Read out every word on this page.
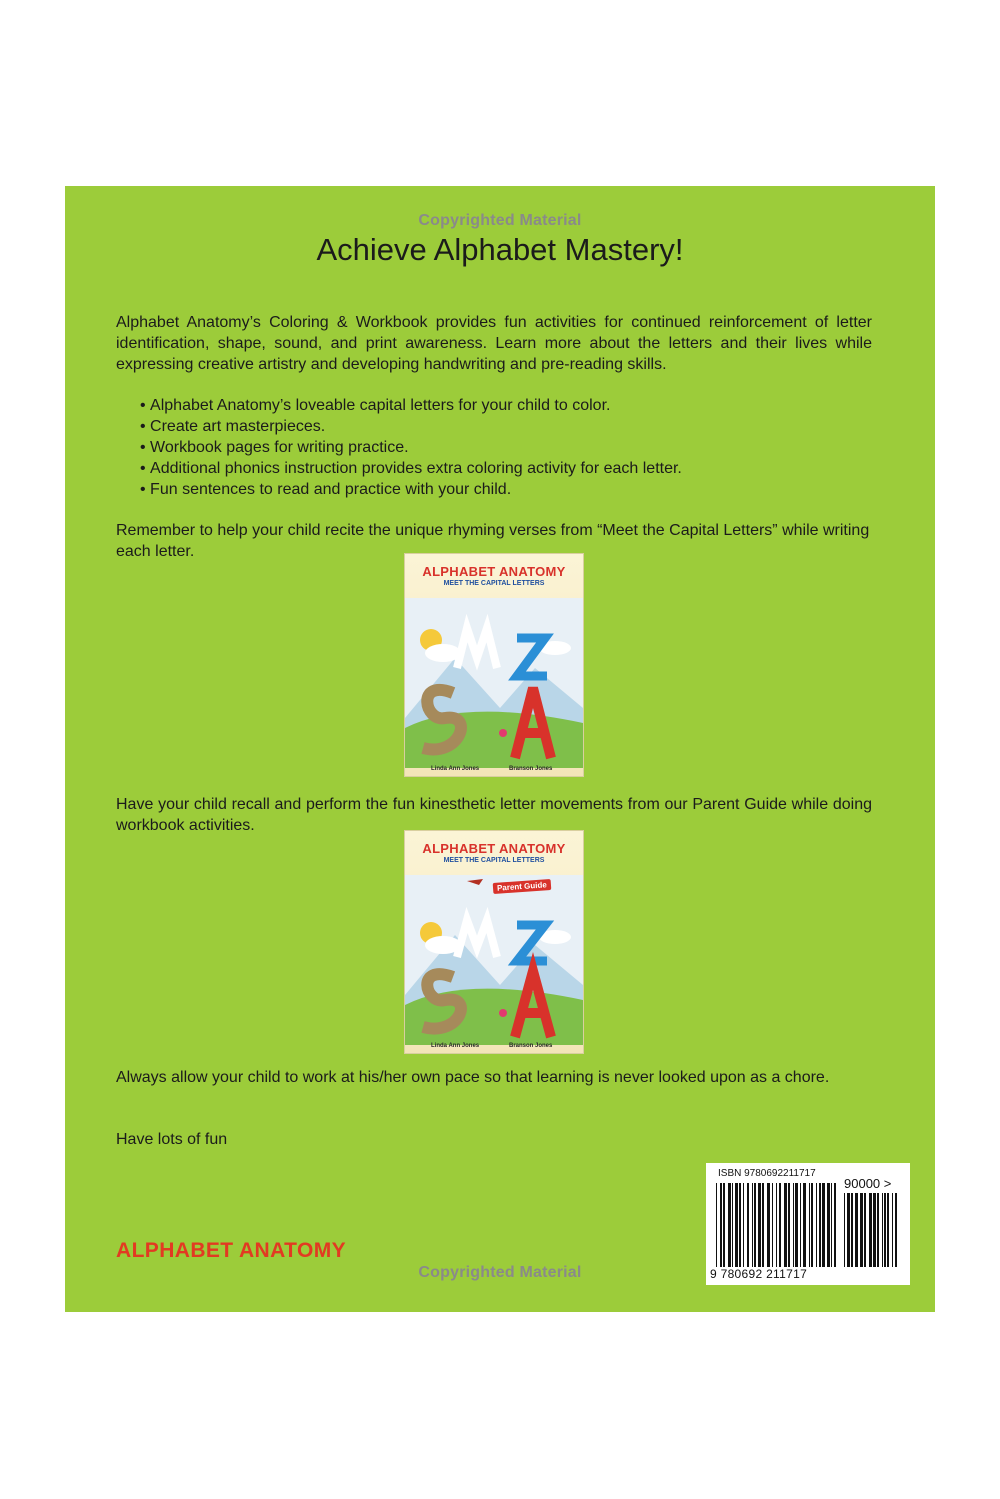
Copyrighted Material
Achieve Alphabet Mastery!

Alphabet Anatomy’s Coloring & Workbook provides fun activities for continued reinforcement of letter identification, shape, sound, and print awareness. Learn more about the letters and their lives while expressing creative artistry and developing handwriting and pre-reading skills.

• Alphabet Anatomy’s loveable capital letters for your child to color.
• Create art masterpieces.
• Workbook pages for writing practice.
• Additional phonics instruction provides extra coloring activity for each letter.
• Fun sentences to read and practice with your child.

Remember to help your child recite the unique rhyming verses from “Meet the Capital Letters” while writing each letter.

ALPHABET ANATOMY
MEET THE CAPITAL LETTERS
Linda Ann Jones	Branson Jones

Have your child recall and perform the fun kinesthetic letter movements from our Parent Guide while doing workbook activities.

ALPHABET ANATOMY
MEET THE CAPITAL LETTERS
Parent Guide
Linda Ann Jones	Branson Jones

Always allow your child to work at his/her own pace so that learning is never looked upon as a chore.

Have lots of fun

ALPHABET ANATOMY
Copyrighted Material
ISBN 9780692211717
90000 >
9 780692 211717
